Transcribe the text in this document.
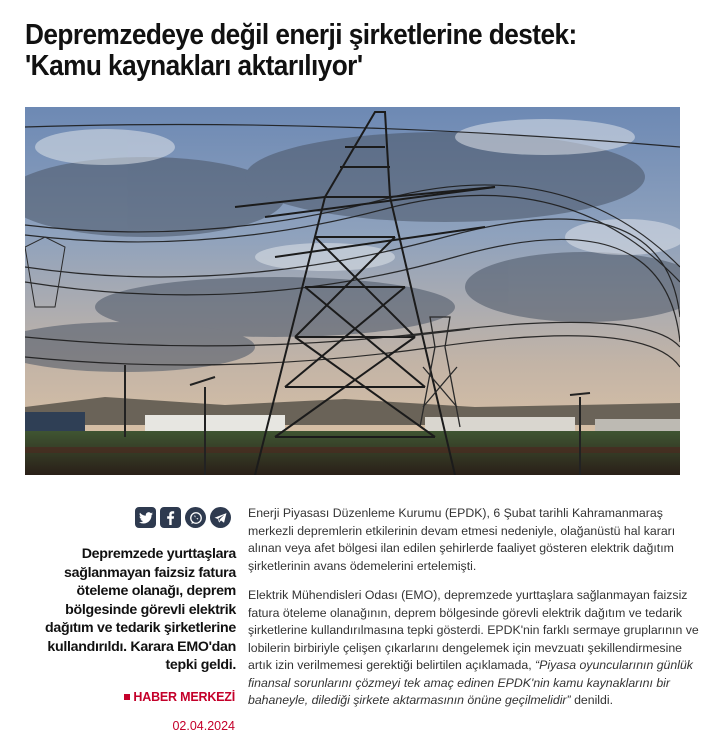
Depremzedeye değil enerji şirketlerine destek: 'Kamu kaynakları aktarılıyor'

Depremzede yurttaşlara sağlanmayan faizsiz fatura öteleme olanağı, deprem bölgesinde görevli elektrik dağıtım ve tedarik şirketlerine kullandırıldı. Karara EMO'dan tepki geldi.

HABER MERKEZİ
02.04.2024

Enerji Piyasası Düzenleme Kurumu (EPDK), 6 Şubat tarihli Kahramanmaraş merkezli depremlerin etkilerinin devam etmesi nedeniyle, olağanüstü hal kararı alınan veya afet bölgesi ilan edilen şehirlerde faaliyet gösteren elektrik dağıtım şirketlerinin avans ödemelerini ertelemişti.

Elektrik Mühendisleri Odası (EMO), depremzede yurttaşlara sağlanmayan faizsiz fatura öteleme olanağının, deprem bölgesinde görevli elektrik dağıtım ve tedarik şirketlerine kullandırılmasına tepki gösterdi. EPDK'nin farklı sermaye gruplarının ve lobilerin birbiriyle çelişen çıkarlarını dengelemek için mevzuatı şekillendirmesine artık izin verilmemesi gerektiği belirtilen açıklamada, “Piyasa oyuncularının günlük finansal sorunlarını çözmeyi tek amaç edinen EPDK'nin kamu kaynaklarını bir bahaneyle, dilediği şirkete aktarmasının önüne geçilmelidir” denildi.
